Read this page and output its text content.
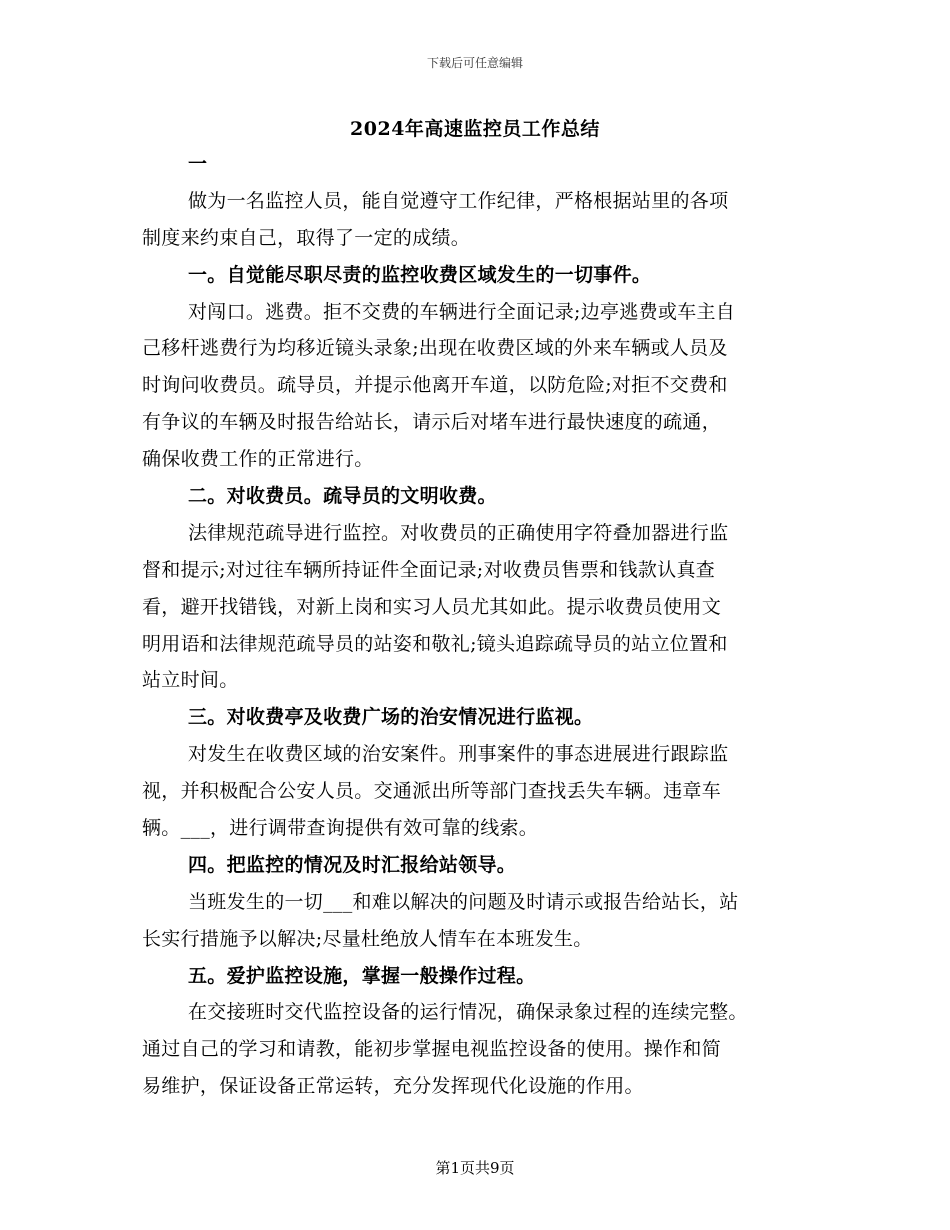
下载后可任意编辑
2024年高速监控员工作总结
一
做为一名监控人员，能自觉遵守工作纪律，严格根据站里的各项
制度来约束自己，取得了一定的成绩。
一。自觉能尽职尽责的监控收费区域发生的一切事件。
对闯口。逃费。拒不交费的车辆进行全面记录;边亭逃费或车主自
己移杆逃费行为均移近镜头录象;出现在收费区域的外来车辆或人员及
时询问收费员。疏导员，并提示他离开车道，以防危险;对拒不交费和
有争议的车辆及时报告给站长，请示后对堵车进行最快速度的疏通，
确保收费工作的正常进行。
二。对收费员。疏导员的文明收费。
法律规范疏导进行监控。对收费员的正确使用字符叠加器进行监
督和提示;对过往车辆所持证件全面记录;对收费员售票和钱款认真查
看，避开找错钱，对新上岗和实习人员尤其如此。提示收费员使用文
明用语和法律规范疏导员的站姿和敬礼;镜头追踪疏导员的站立位置和
站立时间。
三。对收费亭及收费广场的治安情况进行监视。
对发生在收费区域的治安案件。刑事案件的事态进展进行跟踪监
视，并积极配合公安人员。交通派出所等部门查找丢失车辆。违章车
辆。___，进行调带查询提供有效可靠的线索。
四。把监控的情况及时汇报给站领导。
当班发生的一切___和难以解决的问题及时请示或报告给站长，站
长实行措施予以解决;尽量杜绝放人情车在本班发生。
五。爱护监控设施，掌握一般操作过程。
在交接班时交代监控设备的运行情况，确保录象过程的连续完整。
通过自己的学习和请教，能初步掌握电视监控设备的使用。操作和简
易维护，保证设备正常运转，充分发挥现代化设施的作用。
第1页共9页
